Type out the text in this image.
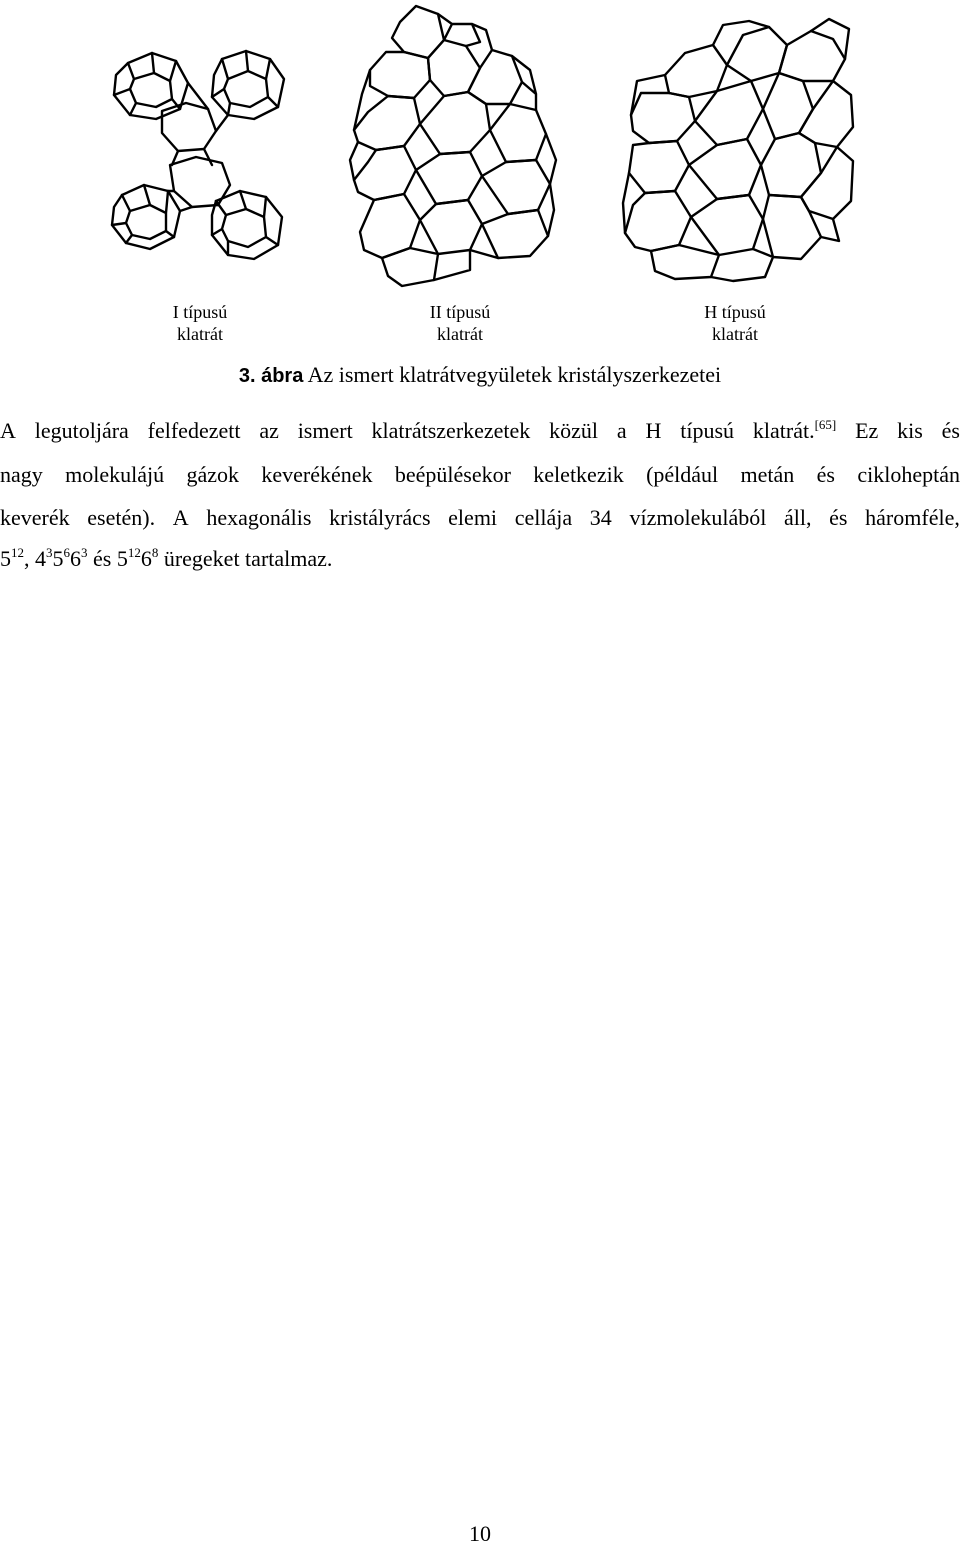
I típusú
klatrát
II típusú
klatrát
H típusú
klatrát
3. ábra Az ismert klatrátvegyületek kristályszerkezetei
A legutoljára felfedezett az ismert klatrátszerkezetek közül a H típusú klatrát.[65] Ez kis és
nagy molekulájú gázok keverékének beépülésekor keletkezik (például metán és cikloheptán
keverék esetén). A hexagonális kristályrács elemi cellája 34 vízmolekulából áll, és háromféle,
$5^{12}$, $4^35^66^3$ és $5^{12}6^8$ üregeket tartalmaz.
10
